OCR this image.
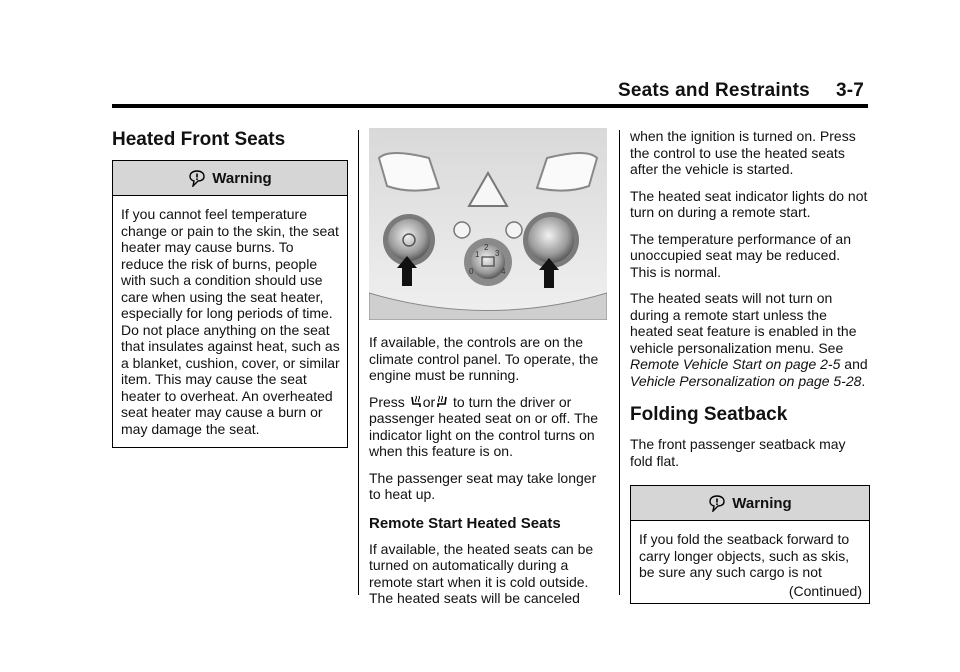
Seats and Restraints 3-7
Heated Front Seats
Warning
If you cannot feel temperature change or pain to the skin, the seat heater may cause burns. To reduce the risk of burns, people with such a condition should use care when using the seat heater, especially for long periods of time. Do not place anything on the seat that insulates against heat, such as a blanket, cushion, cover, or similar item. This may cause the seat heater to overheat. An overheated seat heater may cause a burn or may damage the seat.
1
2
3
4
0

If available, the controls are on the climate control panel. To operate, the engine must be running.

Press or to turn the driver or passenger heated seat on or off. The indicator light on the control turns on when this feature is on.

The passenger seat may take longer to heat up.

Remote Start Heated Seats

If available, the heated seats can be turned on automatically during a remote start when it is cold outside. The heated seats will be canceled

when the ignition is turned on. Press the control to use the heated seats after the vehicle is started.

The heated seat indicator lights do not turn on during a remote start.

The temperature performance of an unoccupied seat may be reduced. This is normal.

The heated seats will not turn on during a remote start unless the heated seat feature is enabled in the vehicle personalization menu. See Remote Vehicle Start on page 2-5 and Vehicle Personalization on page 5-28.

Folding Seatback

The front passenger seatback may fold flat.

Warning
If you fold the seatback forward to carry longer objects, such as skis, be sure any such cargo is not
(Continued)
